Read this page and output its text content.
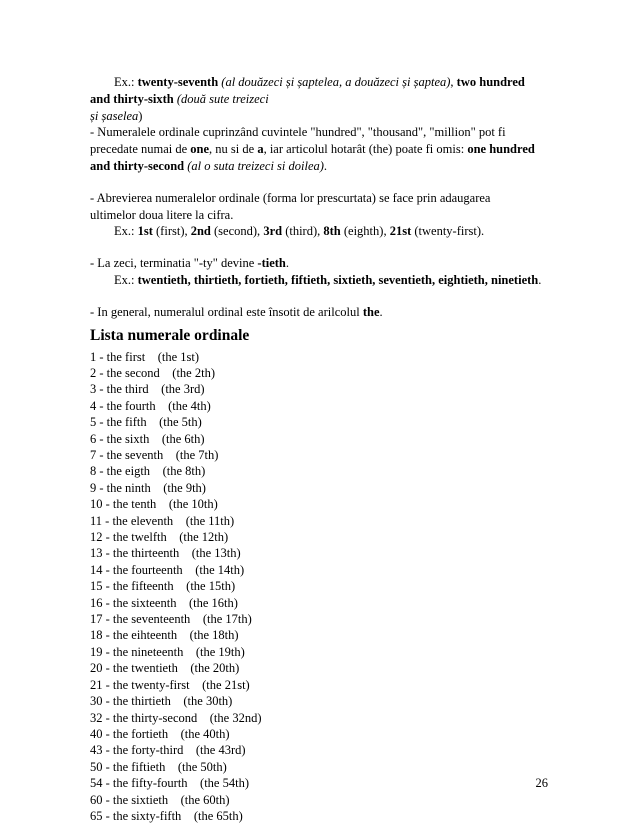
Ex.: twenty-seventh (al douăzeci și șaptelea, a douăzeci și șaptea), two hundred
and thirty-sixth (două sute treizeci
și șaselea)
- Numeralele ordinale cuprinzând cuvintele "hundred", "thousand", "million" pot fi
precedate numai de one, nu si de a, iar articolul hotarât (the) poate fi omis: one hundred
and thirty-second (al o suta treizeci si doilea).
- Abrevierea numeralelor ordinale (forma lor prescurtata) se face prin adaugarea
ultimelor doua litere la cifra.
Ex.: 1st (first), 2nd (second), 3rd (third), 8th (eighth), 21st (twenty-first).
- La zeci, terminatia "-ty" devine -tieth.
Ex.: twentieth, thirtieth, fortieth, fiftieth, sixtieth, seventieth, eightieth, ninetieth.
- In general, numeralul ordinal este însotit de arilcolul the.
Lista numerale ordinale
1 - the first (the 1st)
2 - the second (the 2th)
3 - the third (the 3rd)
4 - the fourth (the 4th)
5 - the fifth (the 5th)
6 - the sixth (the 6th)
7 - the seventh (the 7th)
8 - the eigth (the 8th)
9 - the ninth (the 9th)
10 - the tenth (the 10th)
11 - the eleventh (the 11th)
12 - the twelfth (the 12th)
13 - the thirteenth (the 13th)
14 - the fourteenth (the 14th)
15 - the fifteenth (the 15th)
16 - the sixteenth (the 16th)
17 - the seventeenth (the 17th)
18 - the eihteenth (the 18th)
19 - the nineteenth (the 19th)
20 - the twentieth (the 20th)
21 - the twenty-first (the 21st)
30 - the thirtieth (the 30th)
32 - the thirty-second (the 32nd)
40 - the fortieth (the 40th)
43 - the forty-third (the 43rd)
50 - the fiftieth (the 50th)
54 - the fifty-fourth (the 54th)
60 - the sixtieth (the 60th)
65 - the sixty-fifth (the 65th)
26
